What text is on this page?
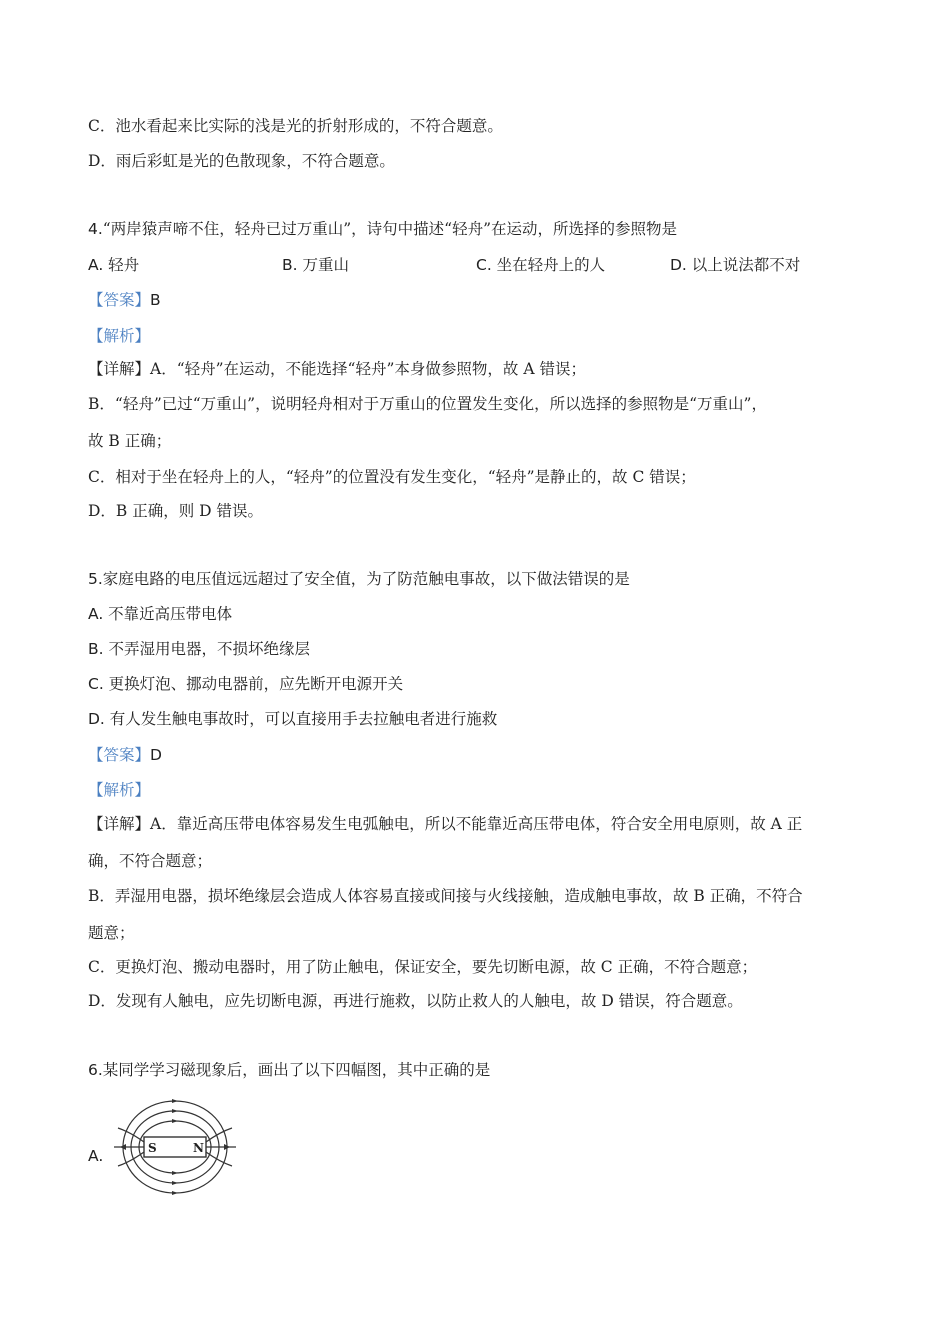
C．池水看起来比实际的浅是光的折射形成的，不符合题意。
D．雨后彩虹是光的色散现象，不符合题意。
4.“两岸猿声啼不住，轻舟已过万重山”，诗句中描述“轻舟”在运动，所选择的参照物是
A. 轻舟	B. 万重山	C. 坐在轻舟上的人	D. 以上说法都不对
【答案】B
【解析】
【详解】A．“轻舟”在运动，不能选择“轻舟”本身做参照物，故 A 错误；
B．“轻舟”已过“万重山”，说明轻舟相对于万重山的位置发生变化，所以选择的参照物是“万重山”，
故 B 正确；
C．相对于坐在轻舟上的人，“轻舟”的位置没有发生变化，“轻舟”是静止的，故 C 错误；
D．B 正确，则 D 错误。
5.家庭电路的电压值远远超过了安全值，为了防范触电事故，以下做法错误的是
A. 不靠近高压带电体
B. 不弄湿用电器，不损坏绝缘层
C. 更换灯泡、挪动电器前，应先断开电源开关
D. 有人发生触电事故时，可以直接用手去拉触电者进行施救
【答案】D
【解析】
【详解】A．靠近高压带电体容易发生电弧触电，所以不能靠近高压带电体，符合安全用电原则，故 A 正
确，不符合题意；
B．弄湿用电器，损坏绝缘层会造成人体容易直接或间接与火线接触，造成触电事故，故 B 正确，不符合
题意；
C．更换灯泡、搬动电器时，用了防止触电，保证安全，要先切断电源，故 C 正确，不符合题意；
D．发现有人触电，应先切断电源，再进行施救，以防止救人的人触电，故 D 错误，符合题意。
6.某同学学习磁现象后，画出了以下四幅图，其中正确的是
A.	S	N
